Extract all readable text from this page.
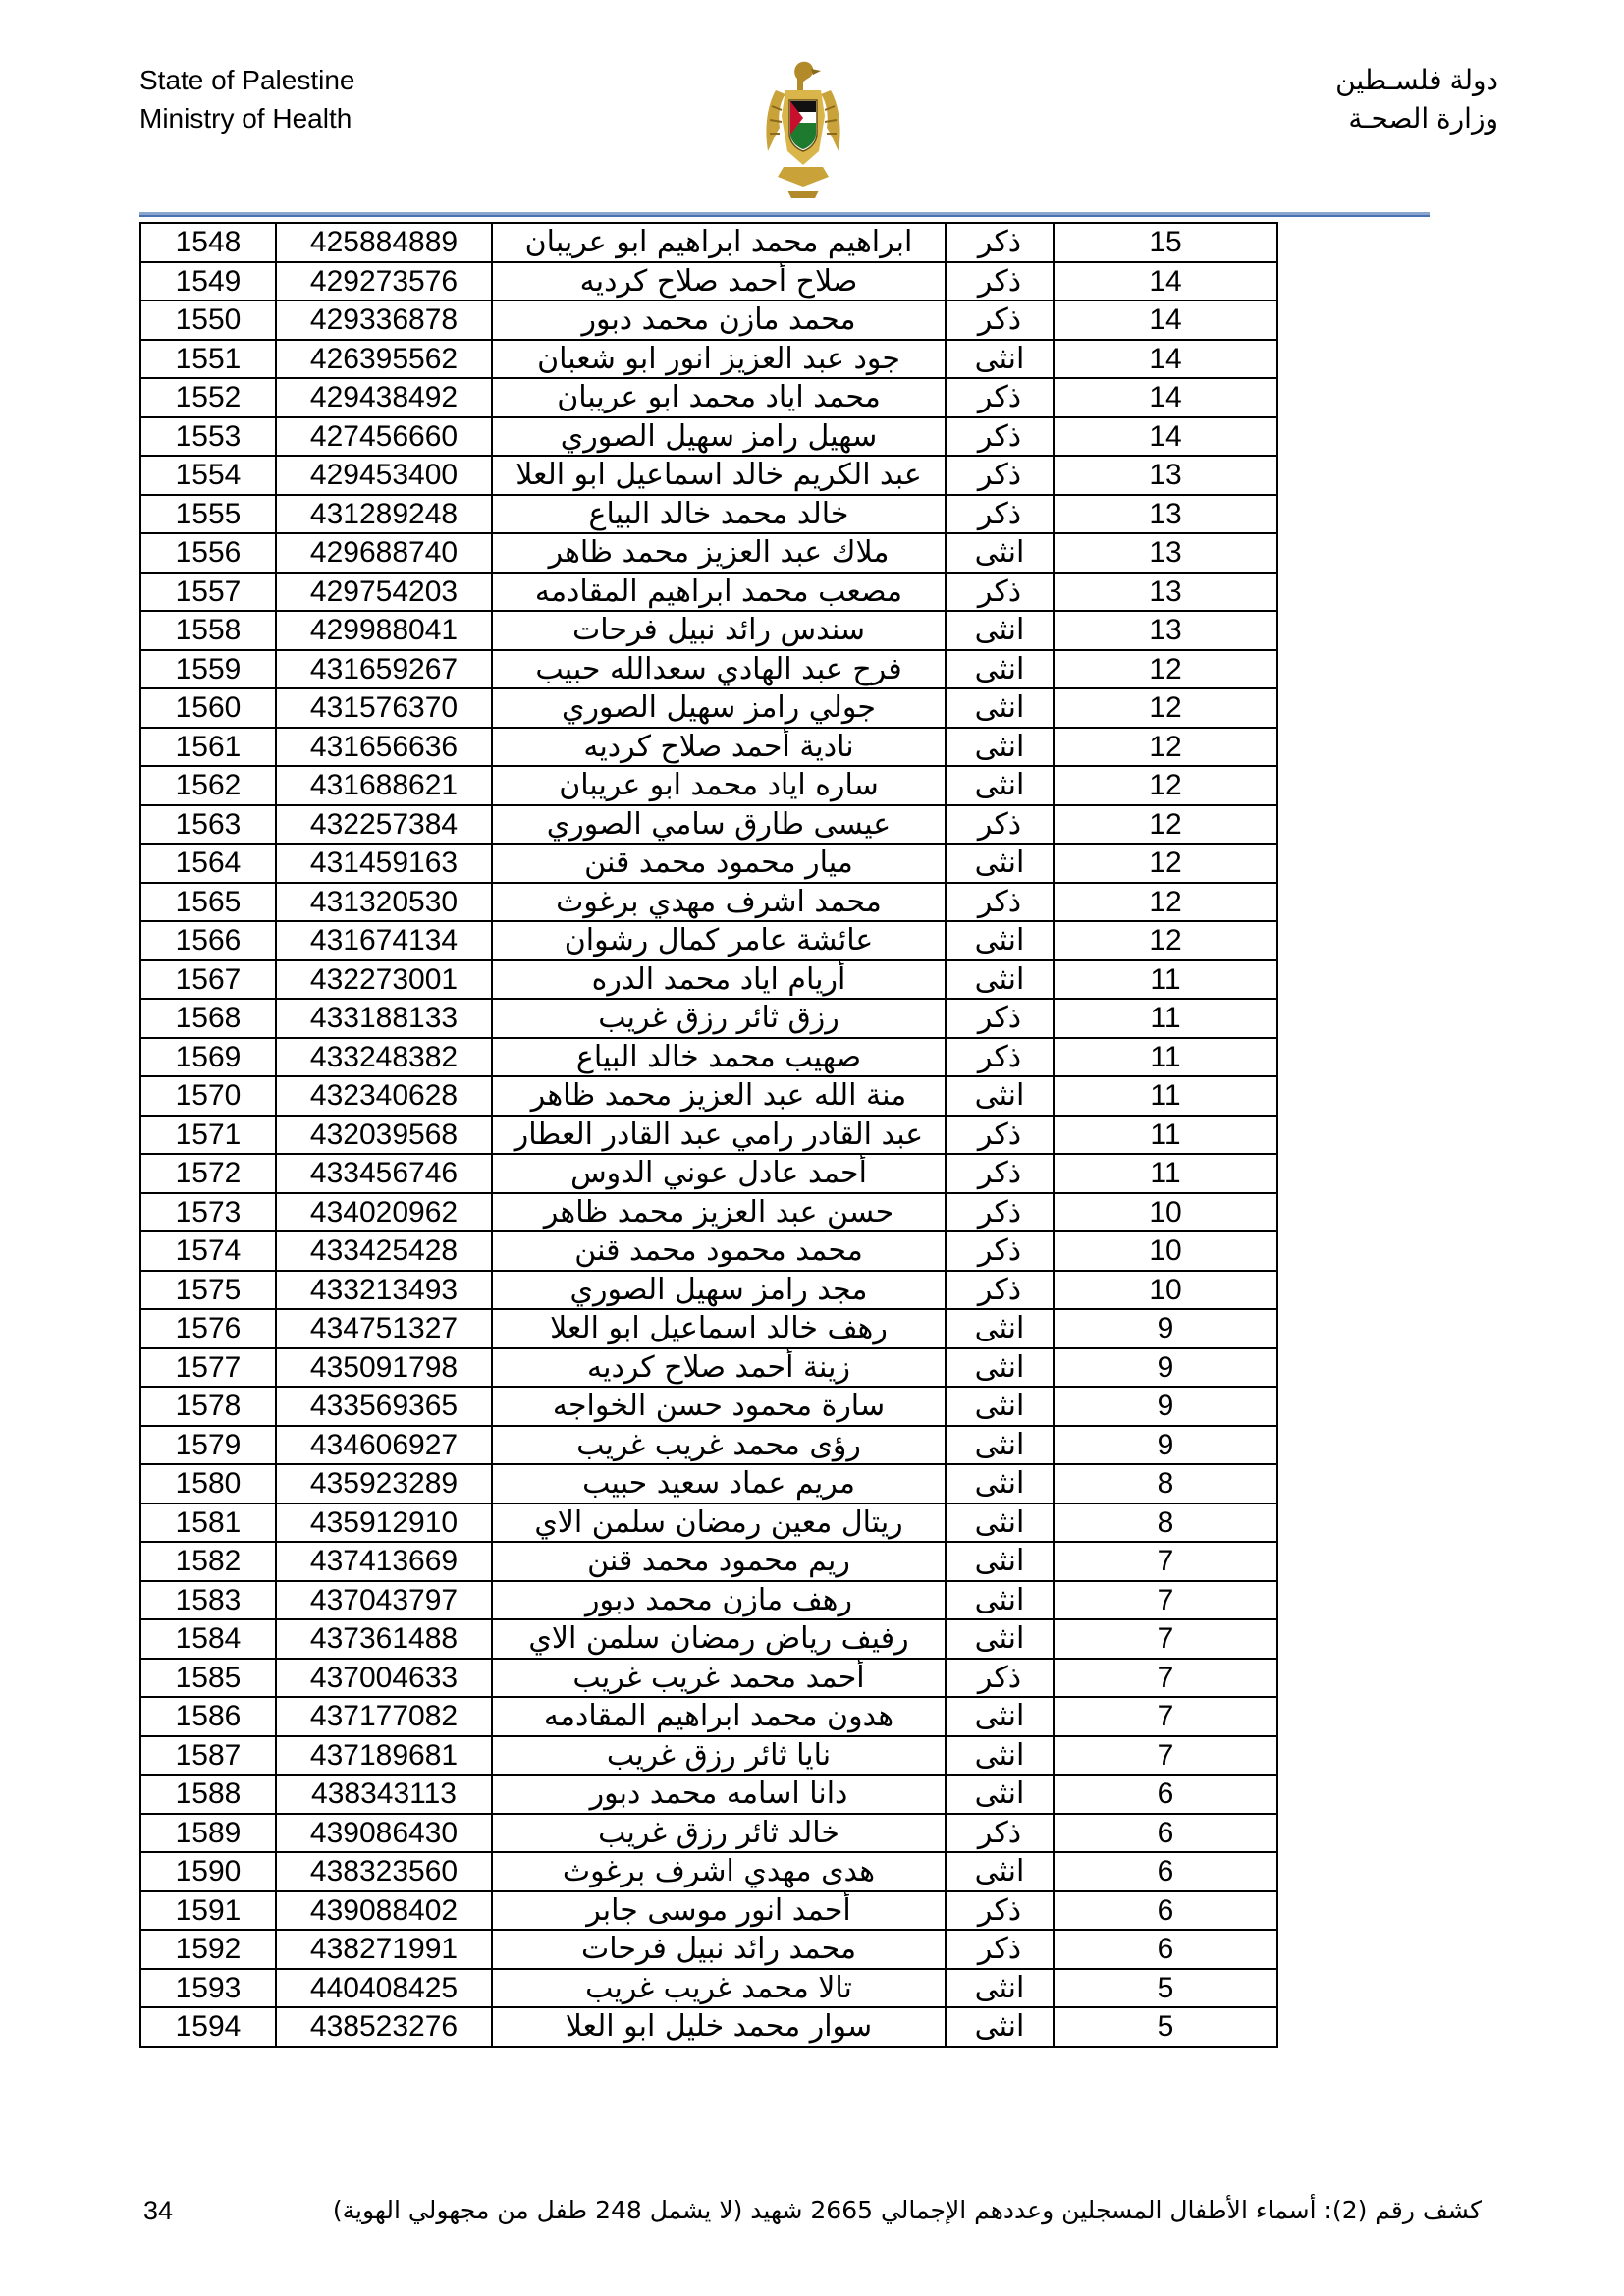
State of Palestine
Ministry of Health
دولة فلسـطين
وزارة الصحـة
1548	425884889	ابراهيم محمد ابراهيم ابو عريبان	ذكر	15
1549	429273576	صلاح أحمد صلاح كرديه	ذكر	14
1550	429336878	محمد مازن محمد دبور	ذكر	14
1551	426395562	جود عبد العزيز انور ابو شعبان	انثى	14
1552	429438492	محمد اياد محمد ابو عريبان	ذكر	14
1553	427456660	سهيل رامز سهيل الصوري	ذكر	14
1554	429453400	عبد الكريم خالد اسماعيل ابو العلا	ذكر	13
1555	431289248	خالد محمد خالد البياع	ذكر	13
1556	429688740	ملاك عبد العزيز محمد ظاهر	انثى	13
1557	429754203	مصعب محمد ابراهيم المقادمه	ذكر	13
1558	429988041	سندس رائد نبيل فرحات	انثى	13
1559	431659267	فرح عبد الهادي سعدالله حبيب	انثى	12
1560	431576370	جولي رامز سهيل الصوري	انثى	12
1561	431656636	نادية أحمد صلاح كرديه	انثى	12
1562	431688621	ساره اياد محمد ابو عريبان	انثى	12
1563	432257384	عيسى طارق سامي الصوري	ذكر	12
1564	431459163	ميار محمود محمد قنن	انثى	12
1565	431320530	محمد اشرف مهدي برغوث	ذكر	12
1566	431674134	عائشة عامر كمال رشوان	انثى	12
1567	432273001	أريام اياد محمد الدره	انثى	11
1568	433188133	رزق ثائر رزق غريب	ذكر	11
1569	433248382	صهيب محمد خالد البياع	ذكر	11
1570	432340628	منة الله عبد العزيز محمد ظاهر	انثى	11
1571	432039568	عبد القادر رامي عبد القادر العطار	ذكر	11
1572	433456746	أحمد عادل عوني الدوس	ذكر	11
1573	434020962	حسن عبد العزيز محمد ظاهر	ذكر	10
1574	433425428	محمد محمود محمد قنن	ذكر	10
1575	433213493	مجد رامز سهيل الصوري	ذكر	10
1576	434751327	رهف خالد اسماعيل ابو العلا	انثى	9
1577	435091798	زينة أحمد صلاح كرديه	انثى	9
1578	433569365	سارة محمود حسن الخواجه	انثى	9
1579	434606927	رؤى محمد غريب غريب	انثى	9
1580	435923289	مريم عماد سعيد حبيب	انثى	8
1581	435912910	ريتال معين رمضان سلمن الاي	انثى	8
1582	437413669	ريم محمود محمد قنن	انثى	7
1583	437043797	رهف مازن محمد دبور	انثى	7
1584	437361488	رفيف رياض رمضان سلمن الاي	انثى	7
1585	437004633	أحمد محمد غريب غريب	ذكر	7
1586	437177082	هدون محمد ابراهيم المقادمه	انثى	7
1587	437189681	نايا ثائر رزق غريب	انثى	7
1588	438343113	دانا اسامه محمد دبور	انثى	6
1589	439086430	خالد ثائر رزق غريب	ذكر	6
1590	438323560	هدى مهدي اشرف برغوث	انثى	6
1591	439088402	أحمد انور موسى جابر	ذكر	6
1592	438271991	محمد رائد نبيل فرحات	ذكر	6
1593	440408425	تالا محمد غريب غريب	انثى	5
1594	438523276	سوار محمد خليل ابو العلا	انثى	5
34	كشف رقم (2): أسماء الأطفال المسجلين وعددهم الإجمالي 2665 شهيد (لا يشمل 248 طفل من مجهولي الهوية)
